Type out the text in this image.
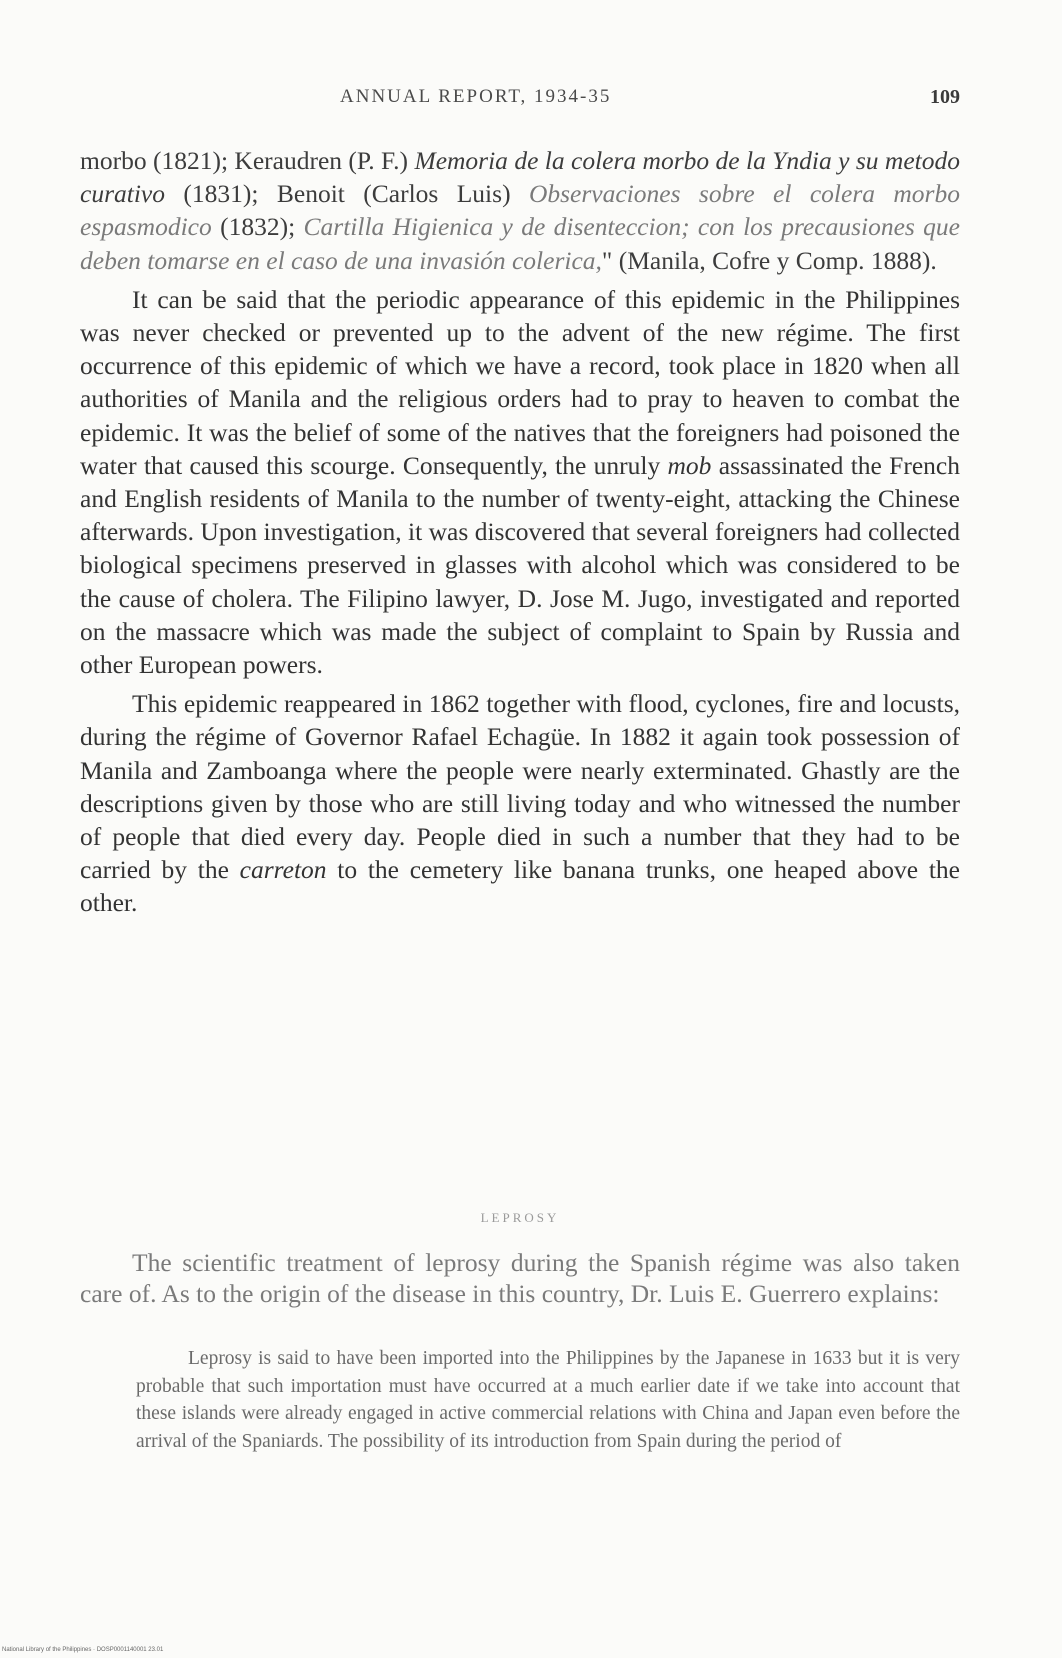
ANNUAL REPORT, 1934-35	109

morbo (1821); Keraudren (P. F.) Memoria de la colera morbo de la Yndia y su metodo curativo (1831); Benoit (Carlos Luis) Observaciones sobre el colera morbo espasmodico (1832); Cartilla Higienica y de disenteccion; con los precausiones que deben tomarse en el caso de una invasión colerica," (Manila, Cofre y Comp. 1888).

It can be said that the periodic appearance of this epidemic in the Philippines was never checked or prevented up to the advent of the new régime. The first occurrence of this epidemic of which we have a record, took place in 1820 when all authorities of Manila and the religious orders had to pray to heaven to combat the epidemic. It was the belief of some of the natives that the foreigners had poisoned the water that caused this scourge. Consequently, the unruly mob assassinated the French and English residents of Manila to the number of twenty-eight, attacking the Chinese afterwards. Upon investigation, it was discovered that several foreigners had collected biological specimens preserved in glasses with alcohol which was considered to be the cause of cholera. The Filipino lawyer, D. Jose M. Jugo, investigated and reported on the massacre which was made the subject of complaint to Spain by Russia and other European powers.

This epidemic reappeared in 1862 together with flood, cyclones, fire and locusts, during the régime of Governor Rafael Echagüe. In 1882 it again took possession of Manila and Zamboanga where the people were nearly exterminated. Ghastly are the descriptions given by those who are still living today and who witnessed the number of people that died every day. People died in such a number that they had to be carried by the carreton to the cemetery like banana trunks, one heaped above the other.

LEPROSY

The scientific treatment of leprosy during the Spanish régime was also taken care of. As to the origin of the disease in this country, Dr. Luis E. Guerrero explains:

Leprosy is said to have been imported into the Philippines by the Japanese in 1633 but it is very probable that such importation must have occurred at a much earlier date if we take into account that these islands were already engaged in active commercial relations with China and Japan even before the arrival of the Spaniards. The possibility of its introduction from Spain during the period of

National Library of the Philippines · DOSP0001140001 23.01
